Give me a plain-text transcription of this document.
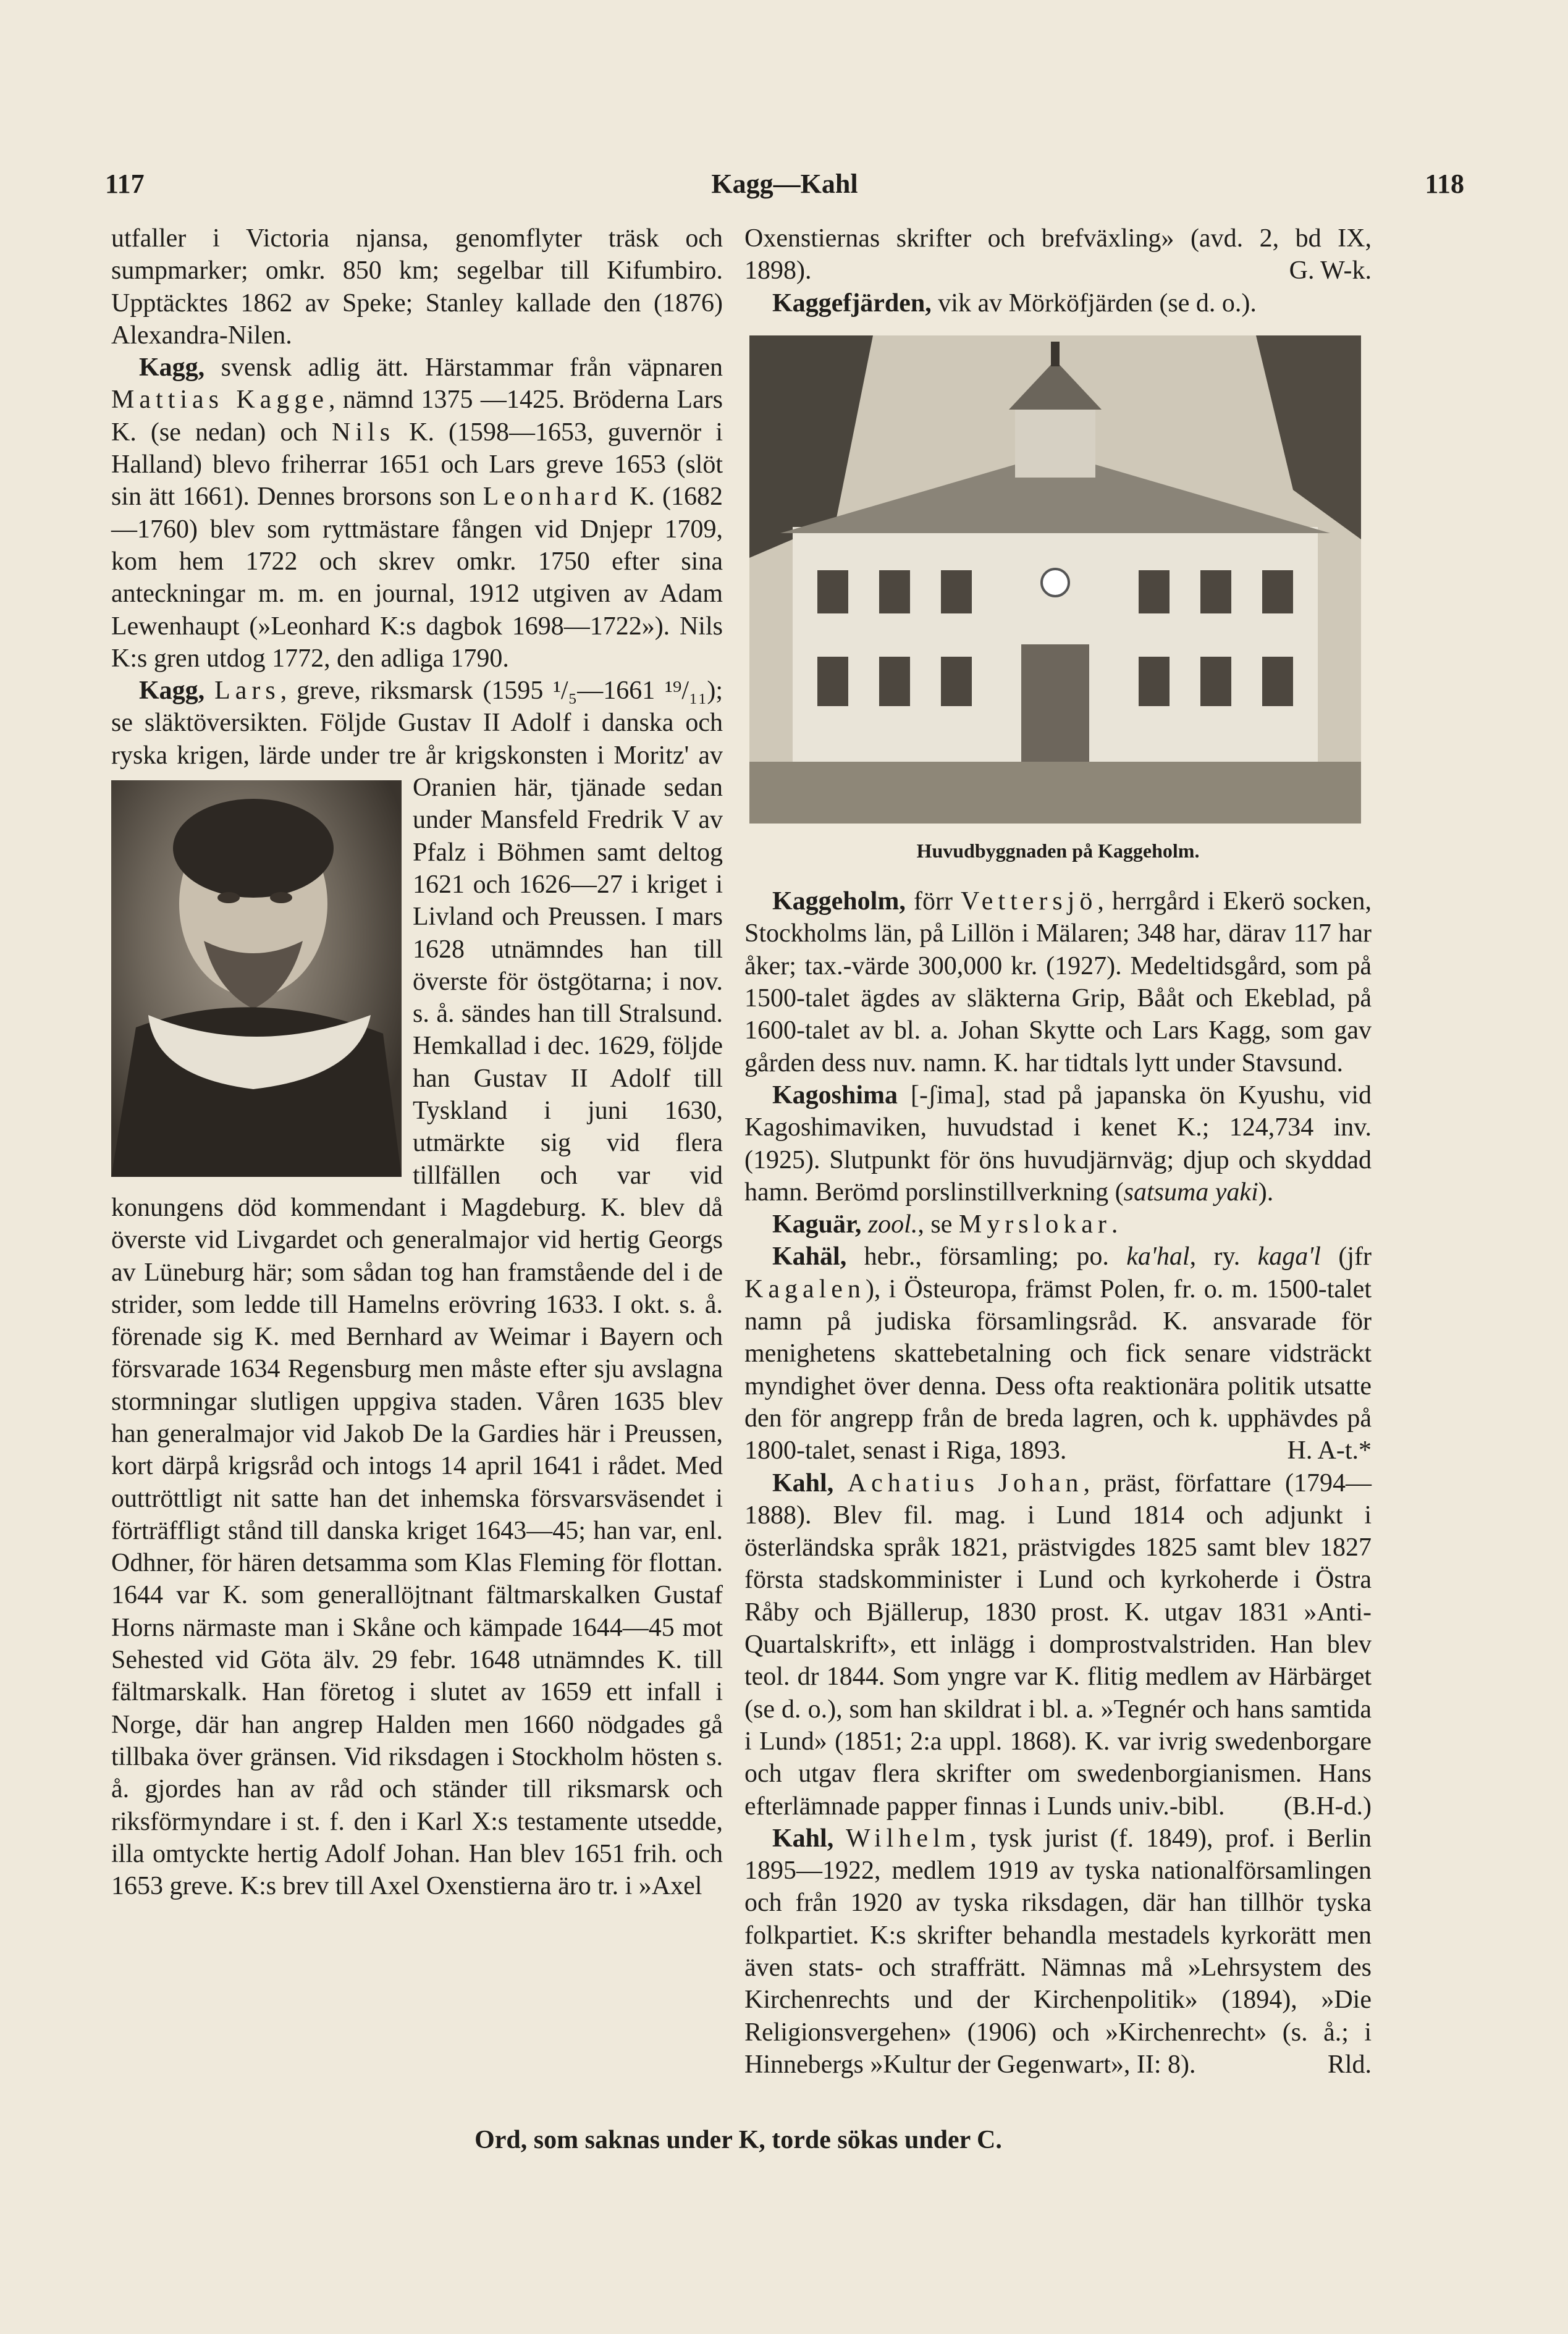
117	Kagg—Kahl	118

utfaller i Victoria njansa, genomflyter träsk och sumpmarker; omkr. 850 km; segelbar till Kifumbiro. Upptäcktes 1862 av Speke; Stanley kallade den (1876) Alexandra-Nilen.

Kagg, svensk adlig ätt. Härstammar från väpnaren Mattias Kagge, nämnd 1375 —1425. Bröderna Lars K. (se nedan) och Nils K. (1598—1653, guvernör i Halland) blevo friherrar 1651 och Lars greve 1653 (slöt sin ätt 1661). Dennes brorsons son Leonhard K. (1682—1760) blev som ryttmästare fången vid Dnjepr 1709, kom hem 1722 och skrev omkr. 1750 efter sina anteckningar m. m. en journal, 1912 utgiven av Adam Lewenhaupt (»Leonhard K:s dagbok 1698—1722»). Nils K:s gren utdog 1772, den adliga 1790.

Kagg, Lars, greve, riksmarsk (1595 ¹/₅—1661 ¹⁹/₁₁); se släktöversikten. Följde Gustav II Adolf i danska och ryska krigen, lärde under tre år krigskonsten i Moritz' av Oranien
här, tjänade sedan under Mansfeld Fredrik V av Pfalz i Böhmen samt deltog 1621 och 1626—27 i kriget i Livland och Preussen. I mars 1628 utnämndes han till överste för östgötarna; i nov. s. å. sändes han till Stralsund. Hemkallad i dec. 1629, följde han Gustav II Adolf till Tyskland i juni 1630, utmärkte sig vid flera tillfällen och var vid konungens död kommendant i Magdeburg. K. blev då överste vid Livgardet och generalmajor vid hertig Georgs av Lüneburg här; som sådan tog han framstående del i de strider, som ledde till Hamelns erövring 1633. I okt. s. å. förenade sig K. med Bernhard av Weimar i Bayern och försvarade 1634 Regensburg men måste efter sju avslagna stormningar slutligen uppgiva staden. Våren 1635 blev han generalmajor vid Jakob De la Gardies här i Preussen, kort därpå krigsråd och intogs 14 april 1641 i rådet. Med outtröttligt nit satte han det inhemska försvarsväsendet i förträffligt stånd till danska kriget 1643—45; han var, enl. Odhner, för hären detsamma som Klas Fleming för flottan. 1644 var K. som generallöjtnant fältmarskalken Gustaf Horns närmaste man i Skåne och kämpade 1644—45 mot Sehested vid Göta älv. 29 febr. 1648 utnämndes K. till fältmarskalk. Han företog i slutet av 1659 ett infall i Norge, där han angrep Halden men 1660 nödgades gå tillbaka över gränsen. Vid riksdagen i Stockholm hösten s. å. gjordes han av råd och ständer till riksmarsk och riksförmyndare i st. f. den i Karl X:s testamente utsedde, illa omtyckte hertig Adolf Johan. Han blev 1651 frih. och 1653 greve. K:s brev till Axel Oxenstierna äro tr. i »Axel

Oxenstiernas skrifter och brefväxling» (avd. 2, bd IX, 1898).	G. W-k.

Kaggefjärden, vik av Mörköfjärden (se d. o.).

Huvudbyggnaden på Kaggeholm.

Kaggeholm, förr Vettersjö, herrgård i Ekerö socken, Stockholms län, på Lillön i Mälaren; 348 har, därav 117 har åker; tax.-värde 300,000 kr. (1927). Medeltidsgård, som på 1500-talet ägdes av släkterna Grip, Bååt och Ekeblad, på 1600-talet av bl. a. Johan Skytte och Lars Kagg, som gav gården dess nuv. namn. K. har tidtals lytt under Stavsund.

Kagoshima [-ʃima], stad på japanska ön Kyushu, vid Kagoshimaviken, huvudstad i kenet K.; 124,734 inv. (1925). Slutpunkt för öns huvudjärnväg; djup och skyddad hamn. Berömd porslinstillverkning (satsuma yaki).

Kaguär, zool., se Myrslokar.

Kahäl, hebr., församling; po. ka'hal, ry. kaga'l (jfr Kagalen), i Östeuropa, främst Polen, fr. o. m. 1500-talet namn på judiska församlingsråd. K. ansvarade för menighetens skattebetalning och fick senare vidsträckt myndighet över denna. Dess ofta reaktionära politik utsatte den för angrepp från de breda lagren, och k. upphävdes på 1800-talet, senast i Riga, 1893.	H. A-t.*

Kahl, Achatius Johan, präst, författare (1794—1888). Blev fil. mag. i Lund 1814 och adjunkt i österländska språk 1821, prästvigdes 1825 samt blev 1827 första stadskomminister i Lund och kyrkoherde i Östra Råby och Bjällerup, 1830 prost. K. utgav 1831 »Anti-Quartalskrift», ett inlägg i domprostvalstriden. Han blev teol. dr 1844. Som yngre var K. flitig medlem av Härbärget (se d. o.), som han skildrat i bl. a. »Tegnér och hans samtida i Lund» (1851; 2:a uppl. 1868). K. var ivrig swedenborgare och utgav flera skrifter om swedenborgianismen. Hans efterlämnade papper finnas i Lunds univ.-bibl.	(B.H-d.)

Kahl, Wilhelm, tysk jurist (f. 1849), prof. i Berlin 1895—1922, medlem 1919 av tyska nationalförsamlingen och från 1920 av tyska riksdagen, där han tillhör tyska folkpartiet. K:s skrifter behandla mestadels kyrkorätt men även stats- och straffrätt. Nämnas må »Lehrsystem des Kirchenrechts und der Kirchenpolitik» (1894), »Die Religionsvergehen» (1906) och »Kirchenrecht» (s. å.; i Hinnebergs »Kultur der Gegenwart», II: 8).	Rld.

Ord, som saknas under K, torde sökas under C.
